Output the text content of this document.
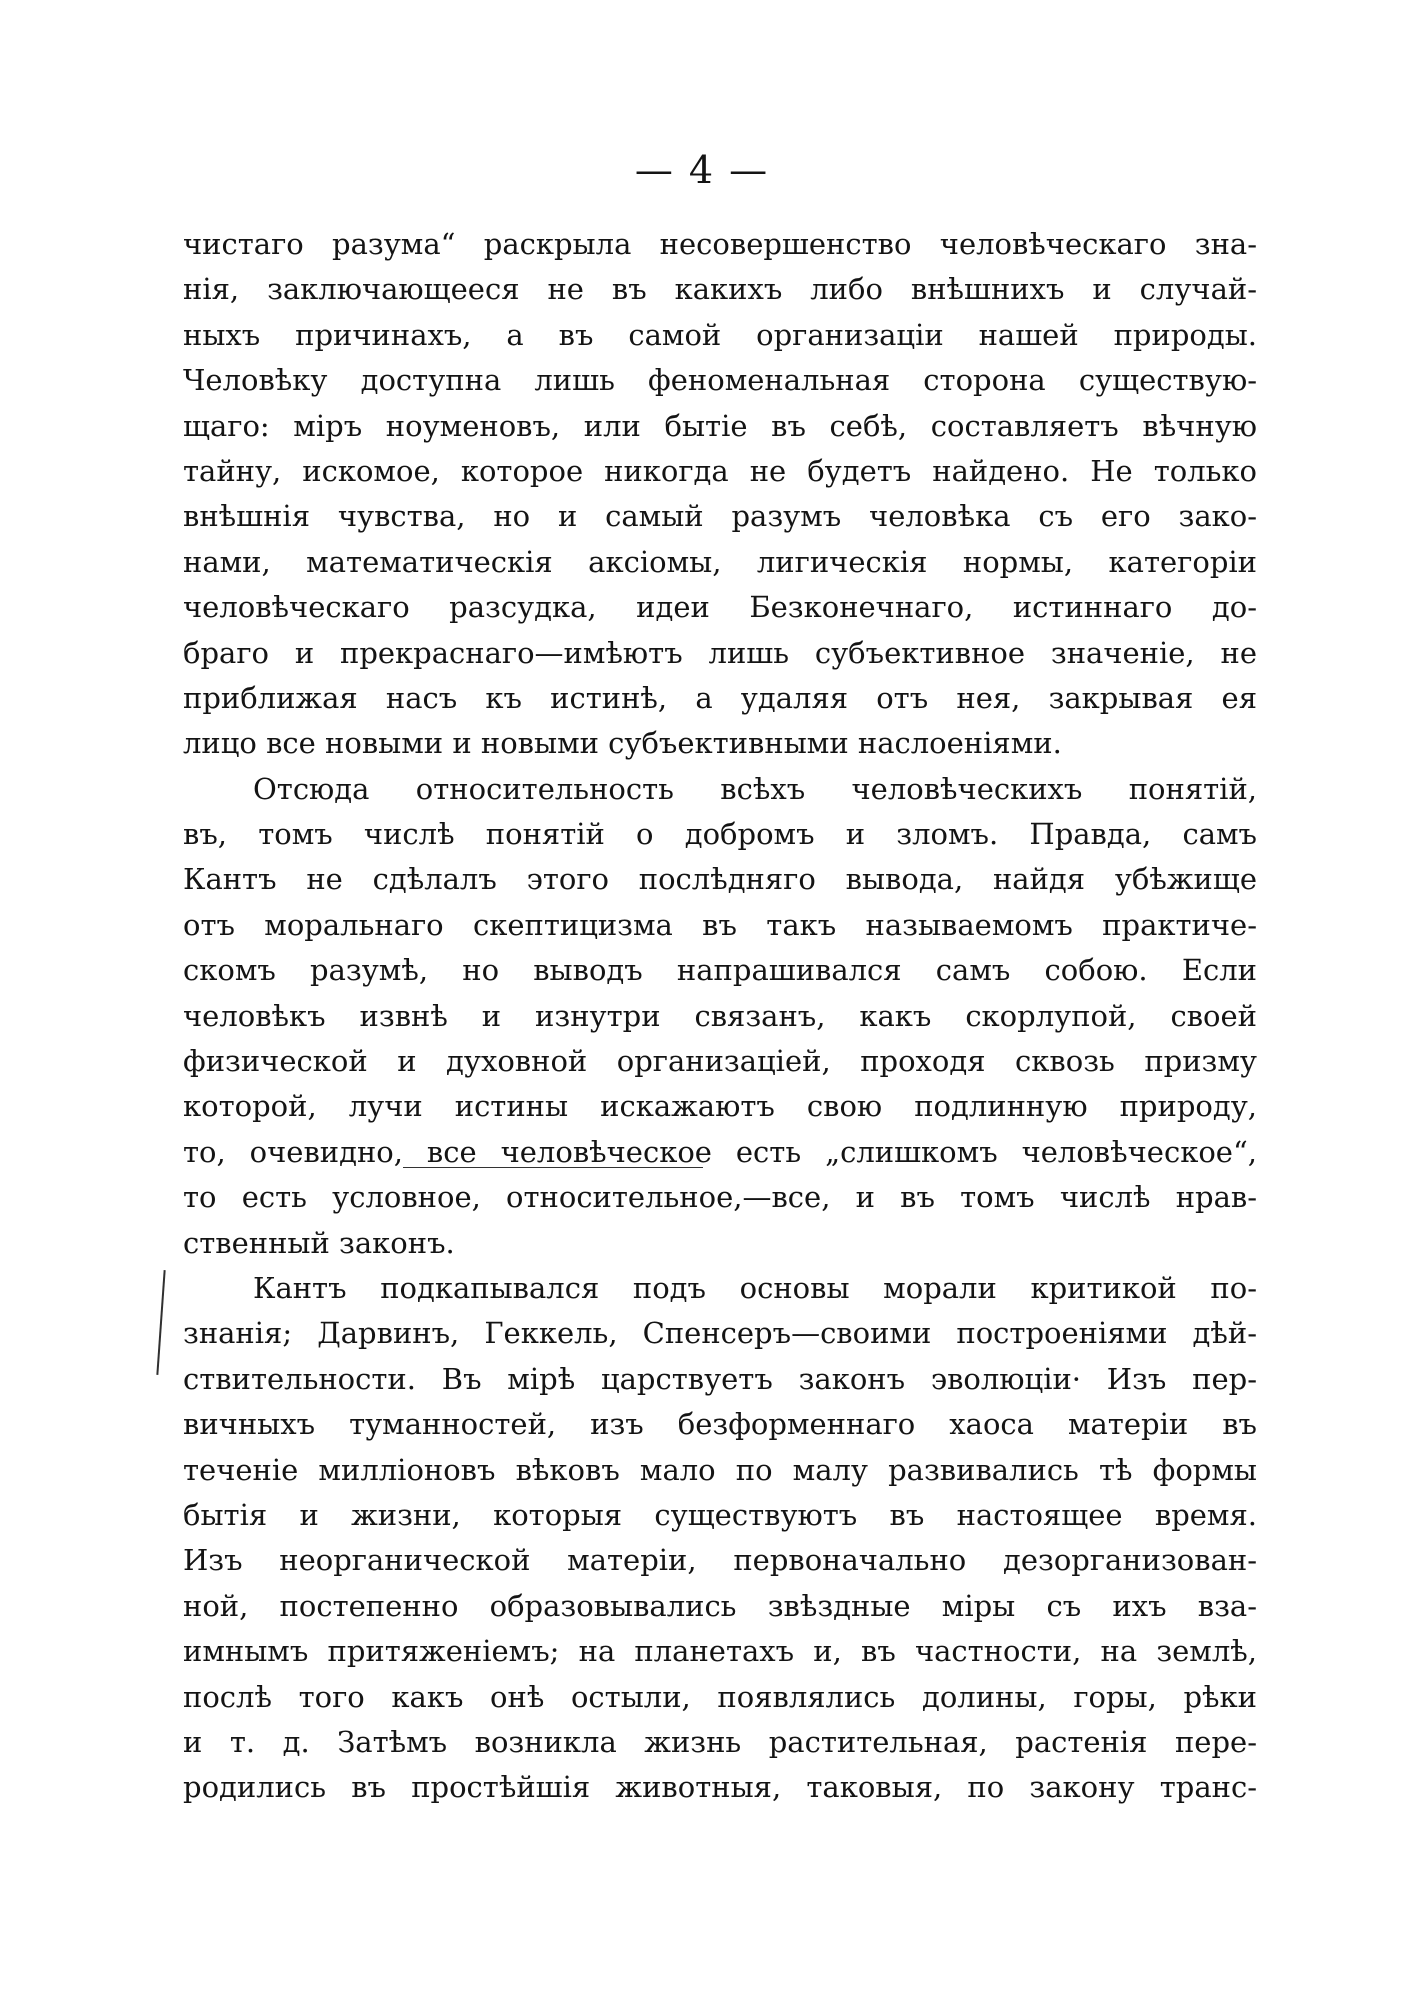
— 4 —
чистаго разума“ раскрыла несовершенство человѣческаго зна-
нія, заключающееся не въ какихъ либо внѣшнихъ и случай-
ныхъ причинахъ, а въ самой организаціи нашей природы.
Человѣку доступна лишь феноменальная сторона существую-
щаго: міръ ноуменовъ, или бытіе въ себѣ, составляетъ вѣчную
тайну, искомое, которое никогда не будетъ найдено. Не только
внѣшнія чувства, но и самый разумъ человѣка съ его зако-
нами, математическія аксіомы, лигическія нормы, категоріи
человѣческаго разсудка, идеи Безконечнаго, истиннаго до-
браго и прекраснаго—имѣютъ лишь субъективное значеніе, не
приближая насъ къ истинѣ, а удаляя отъ нея, закрывая ея
лицо все новыми и новыми субъективными наслоеніями.
Отсюда относительность всѣхъ человѣческихъ понятій,
въ, томъ числѣ понятій о добромъ и зломъ. Правда, самъ
Кантъ не сдѣлалъ этого послѣдняго вывода, найдя убѣжище
отъ моральнаго скептицизма въ такъ называемомъ практиче-
скомъ разумѣ, но выводъ напрашивался самъ собою. Если
человѣкъ извнѣ и изнутри связанъ, какъ скорлупой, своей
физической и духовной организаціей, проходя сквозь призму
которой, лучи истины искажаютъ свою подлинную природу,
то, очевидно, все человѣческое есть „слишкомъ человѣческое“,
то есть условное, относительное,—все, и въ томъ числѣ нрав-
ственный законъ.
Кантъ подкапывался подъ основы морали критикой по-
знанія; Дарвинъ, Геккель, Спенсеръ—своими построеніями дѣй-
ствительности. Въ мірѣ царствуетъ законъ эволюціи· Изъ пер-
вичныхъ туманностей, изъ безформеннаго хаоса матеріи въ
теченіе милліоновъ вѣковъ мало по малу развивались тѣ формы
бытія и жизни, которыя существуютъ въ настоящее время.
Изъ неорганической матеріи, первоначально дезорганизован-
ной, постепенно образовывались звѣздные міры съ ихъ вза-
имнымъ притяженіемъ; на планетахъ и, въ частности, на землѣ,
послѣ того какъ онѣ остыли, появлялись долины, горы, рѣки
и т. д. Затѣмъ возникла жизнь растительная, растенія пере-
родились въ простѣйшія животныя, таковыя, по закону транс-
